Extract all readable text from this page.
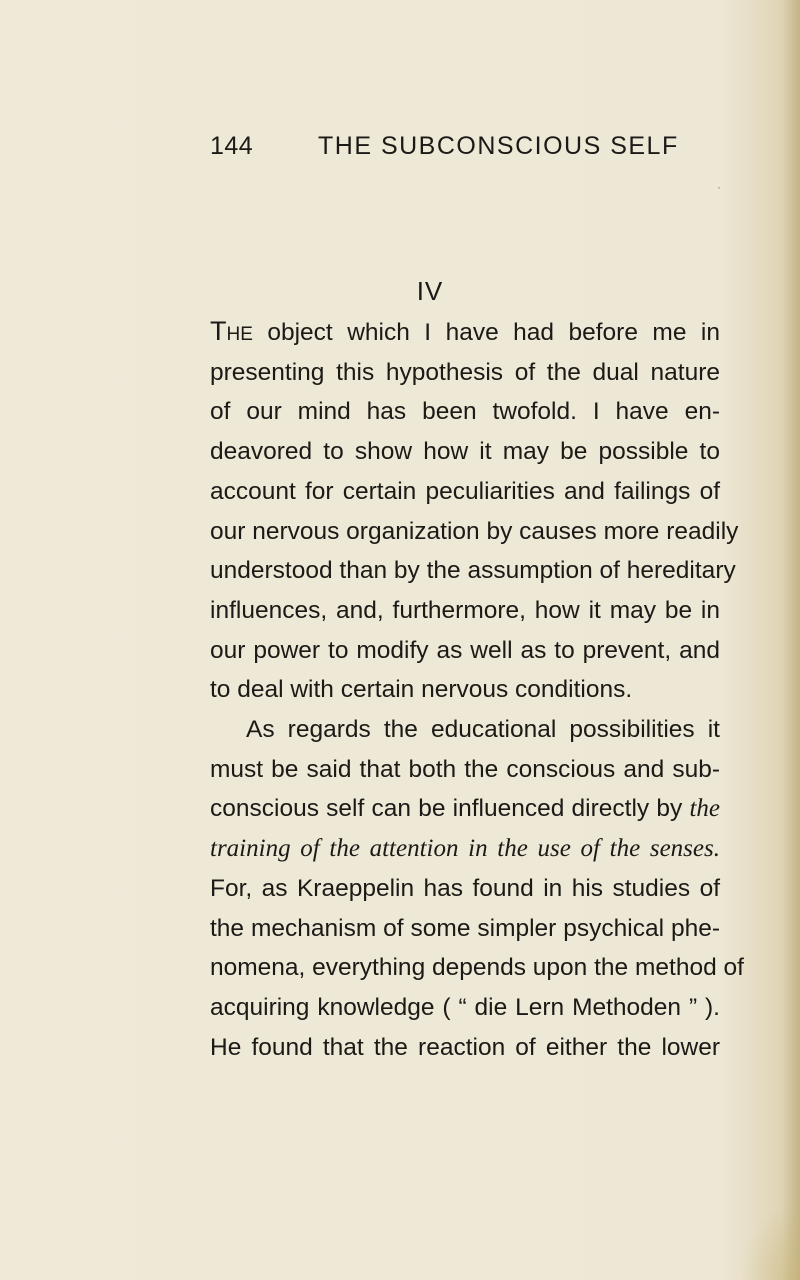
144	THE SUBCONSCIOUS SELF
·
IV
The object which I have had before me in
presenting this hypothesis of the dual nature
of our mind has been twofold. I have en-
deavored to show how it may be possible to
account for certain peculiarities and failings of
our nervous organization by causes more readily
understood than by the assumption of hereditary
influences, and, furthermore, how it may be in
our power to modify as well as to prevent, and
to deal with certain nervous conditions.
As regards the educational possibilities it
must be said that both the conscious and sub-
conscious self can be influenced directly by the
training of the attention in the use of the senses.
For, as Kraeppelin has found in his studies of
the mechanism of some simpler psychical phe-
nomena, everything depends upon the method of
acquiring knowledge ( “ die Lern Methoden ” ).
He found that the reaction of either the lower
